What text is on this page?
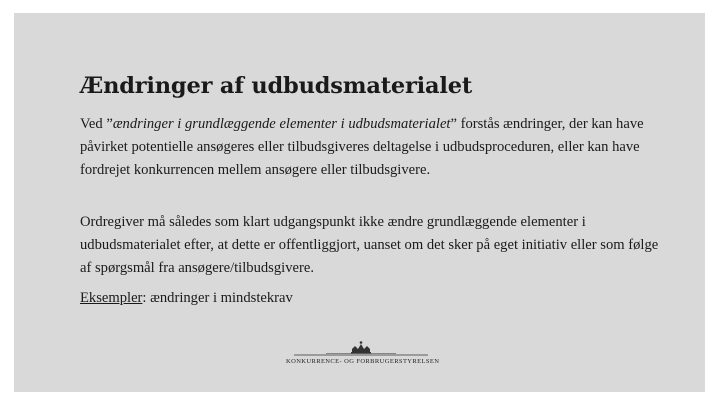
Ændringer af udbudsmaterialet

Ved ”ændringer i grundlæggende elementer i udbudsmaterialet” forstås ændringer, der kan have påvirket potentielle ansøgeres eller tilbudsgiveres deltagelse i udbudsproceduren, eller kan have fordrejet konkurrencen mellem ansøgere eller tilbudsgivere.

Ordregiver må således som klart udgangspunkt ikke ændre grundlæggende elementer i udbudsmaterialet efter, at dette er offentliggjort, uanset om det sker på eget initiativ eller som følge af spørgsmål fra ansøgere/tilbudsgivere.

Eksempler: ændringer i mindstekrav

KONKURRENCE- OG FORBRUGERSTYRELSEN
